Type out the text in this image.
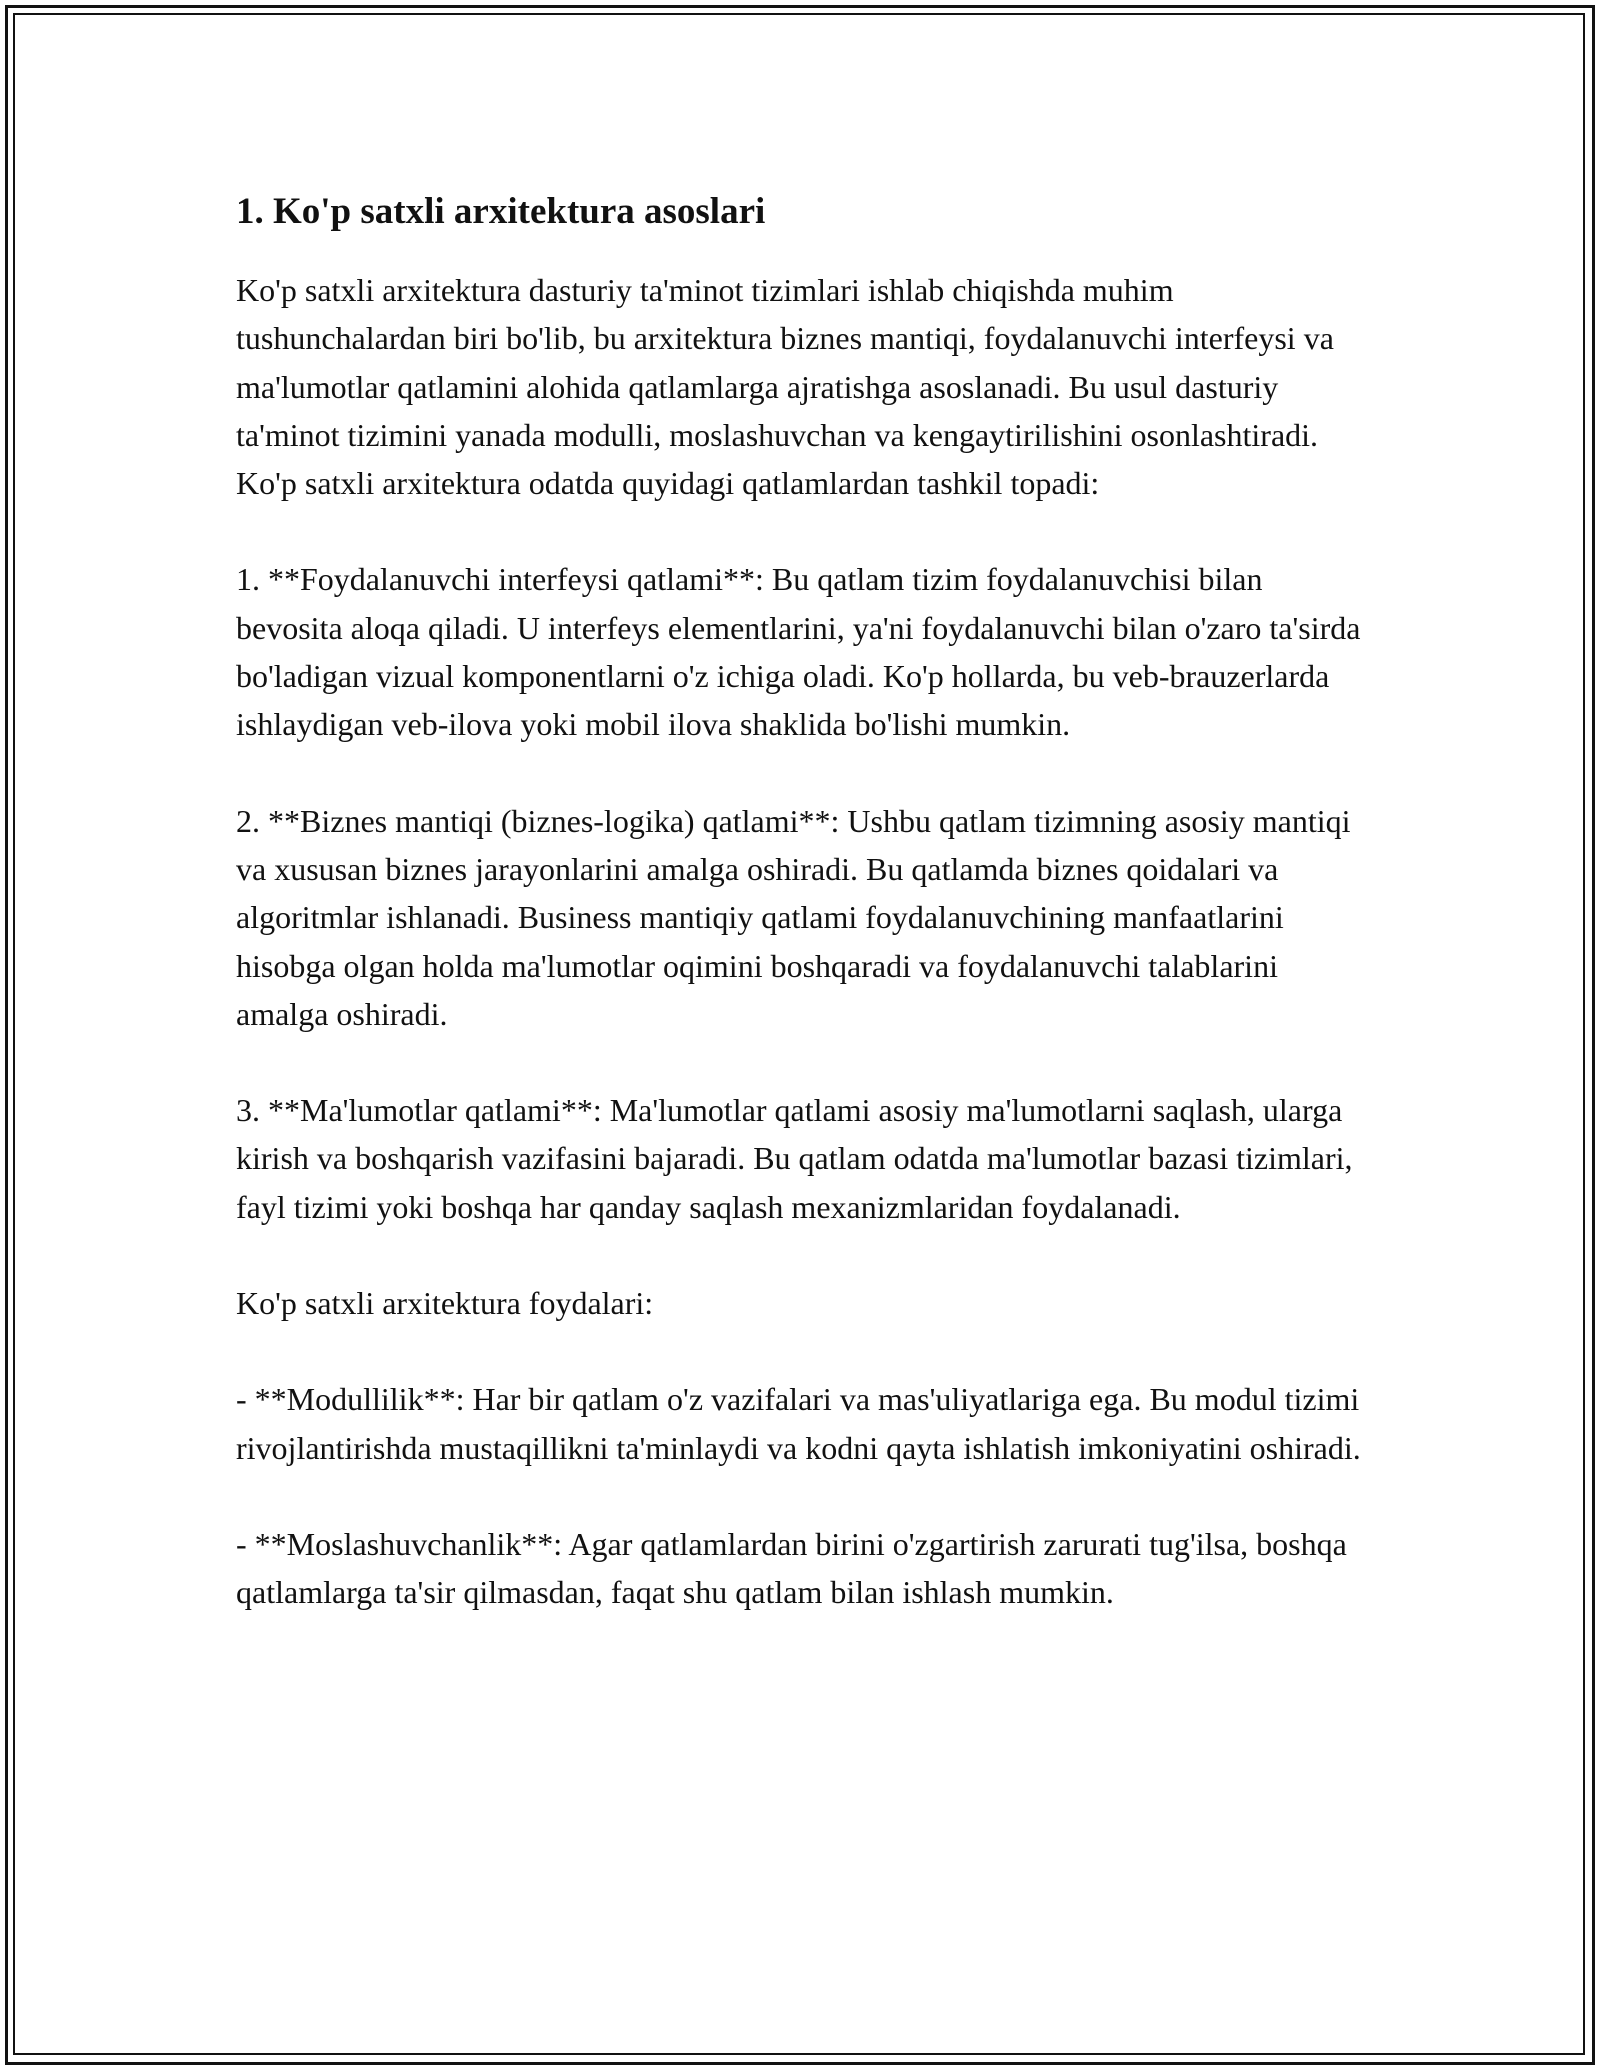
1. Ko'p satxli arxitektura asoslari

Ko'p satxli arxitektura dasturiy ta'minot tizimlari ishlab chiqishda muhim tushunchalardan biri bo'lib, bu arxitektura biznes mantiqi, foydalanuvchi interfeysi va ma'lumotlar qatlamini alohida qatlamlarga ajratishga asoslanadi. Bu usul dasturiy ta'minot tizimini yanada modulli, moslashuvchan va kengaytirilishini osonlashtiradi. Ko'p satxli arxitektura odatda quyidagi qatlamlardan tashkil topadi:

1. **Foydalanuvchi interfeysi qatlami**: Bu qatlam tizim foydalanuvchisi bilan bevosita aloqa qiladi. U interfeys elementlarini, ya'ni foydalanuvchi bilan o'zaro ta'sirda bo'ladigan vizual komponentlarni o'z ichiga oladi. Ko'p hollarda, bu veb-brauzerlarda ishlaydigan veb-ilova yoki mobil ilova shaklida bo'lishi mumkin.

2. **Biznes mantiqi (biznes-logika) qatlami**: Ushbu qatlam tizimning asosiy mantiqi va xususan biznes jarayonlarini amalga oshiradi. Bu qatlamda biznes qoidalari va algoritmlar ishlanadi. Business mantiqiy qatlami foydalanuvchining manfaatlarini hisobga olgan holda ma'lumotlar oqimini boshqaradi va foydalanuvchi talablarini amalga oshiradi.

3. **Ma'lumotlar qatlami**: Ma'lumotlar qatlami asosiy ma'lumotlarni saqlash, ularga kirish va boshqarish vazifasini bajaradi. Bu qatlam odatda ma'lumotlar bazasi tizimlari, fayl tizimi yoki boshqa har qanday saqlash mexanizmlaridan foydalanadi.

Ko'p satxli arxitektura foydalari:

- **Modullilik**: Har bir qatlam o'z vazifalari va mas'uliyatlariga ega. Bu modul tizimi rivojlantirishda mustaqillikni ta'minlaydi va kodni qayta ishlatish imkoniyatini oshiradi.

- **Moslashuvchanlik**: Agar qatlamlardan birini o'zgartirish zarurati tug'ilsa, boshqa qatlamlarga ta'sir qilmasdan, faqat shu qatlam bilan ishlash mumkin.
